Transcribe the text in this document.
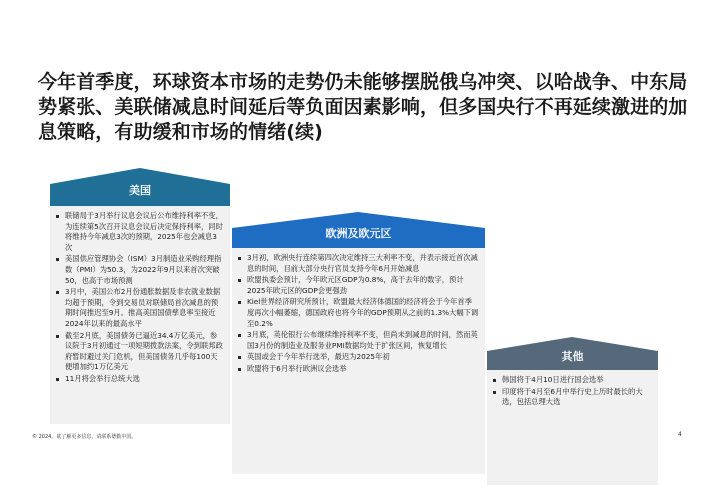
今年首季度，环球资本市场的走势仍未能够摆脱俄乌冲突、以哈战争、中东局势紧张、美联储减息时间延后等负面因素影响，但多国央行不再延续激进的加息策略，有助缓和市场的情绪(续)
美国
联储局于3月举行议息会议后公布维持利率不变，为连续第5次召开议息会议后决定保持利率，同时将维持今年减息3次的预期，2025年也会减息3次
美国供应管理协会（ISM）3月制造业采购经理指数（PMI）为50.3，为2022年9月以来首次突破50，也高于市场预测
3月中，美国公布2月份通胀数据及非农就业数据均超于预期，令到交易员对联储局首次减息的预期时间推迟至9月。推高美国国债孳息率至接近2024年以来的最高水平
截至2月底，美国债务已逼近34.4万亿美元，参议院于3月初通过一项短期拨款法案，令到联邦政府暂时避过关门危机，但美国债务几乎每100天便增加约1万亿美元
11月将会举行总统大选
欧洲及欧元区
3月初，欧洲央行连续第四次决定维持三大利率不变，并表示接近首次减息的时间，目前大部分央行官员支持今年6月开始减息
欧盟执委会预计，今年欧元区GDP为0.8%，高于去年的数字，预计2025年欧元区的GDP会更强劲
Kiel世界经济研究所预计，欧盟最大经济体德国的经济将会于今年首季度再次小幅萎缩，德国政府也将今年的GDP预期从之前的1.3%大幅下调至0.2%
3月底，英伦银行公布继续维持利率不变，但尚未到减息的时间，然而英国3月份的制造业及服务业PMI数据均处于扩张区间，恢复增长
英国或会于今年举行选举，最迟为2025年初
欧盟将于6月举行欧洲议会选举
其他
韩国将于4月10日进行国会选举
印度将于4月至6月中举行史上历时最长的大选，包括总理大选
© 2024。欲了解更多信息，请联系德勤中国。	4
